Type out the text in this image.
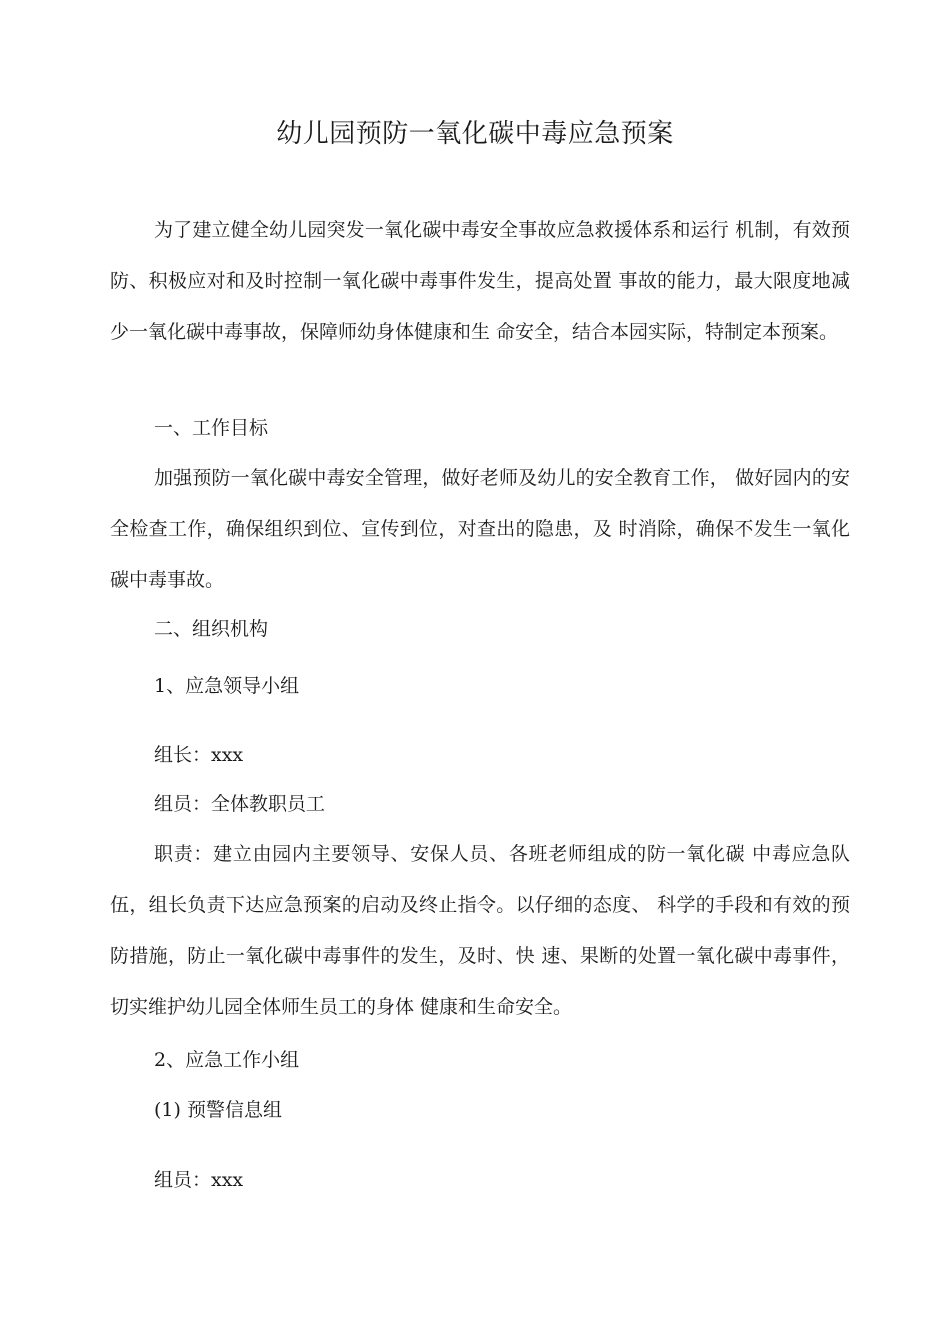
幼儿园预防一氧化碳中毒应急预案

为了建立健全幼儿园突发一氧化碳中毒安全事故应急救援体系和运行 机制，有效预防、积极应对和及时控制一氧化碳中毒事件发生，提高处置 事故的能力，最大限度地减少一氧化碳中毒事故，保障师幼身体健康和生 命安全，结合本园实际，特制定本预案。

一、工作目标

加强预防一氧化碳中毒安全管理，做好老师及幼儿的安全教育工作， 做好园内的安全检查工作，确保组织到位、宣传到位，对查出的隐患，及 时消除，确保不发生一氧化碳中毒事故。

二、组织机构

1、应急领导小组

组长：xxx

组员：全体教职员工

职责：建立由园内主要领导、安保人员、各班老师组成的防一氧化碳 中毒应急队伍，组长负责下达应急预案的启动及终止指令。以仔细的态度、 科学的手段和有效的预防措施，防止一氧化碳中毒事件的发生，及时、快 速、果断的处置一氧化碳中毒事件，切实维护幼儿园全体师生员工的身体 健康和生命安全。

2、应急工作小组

(1) 预警信息组

组员：xxx
